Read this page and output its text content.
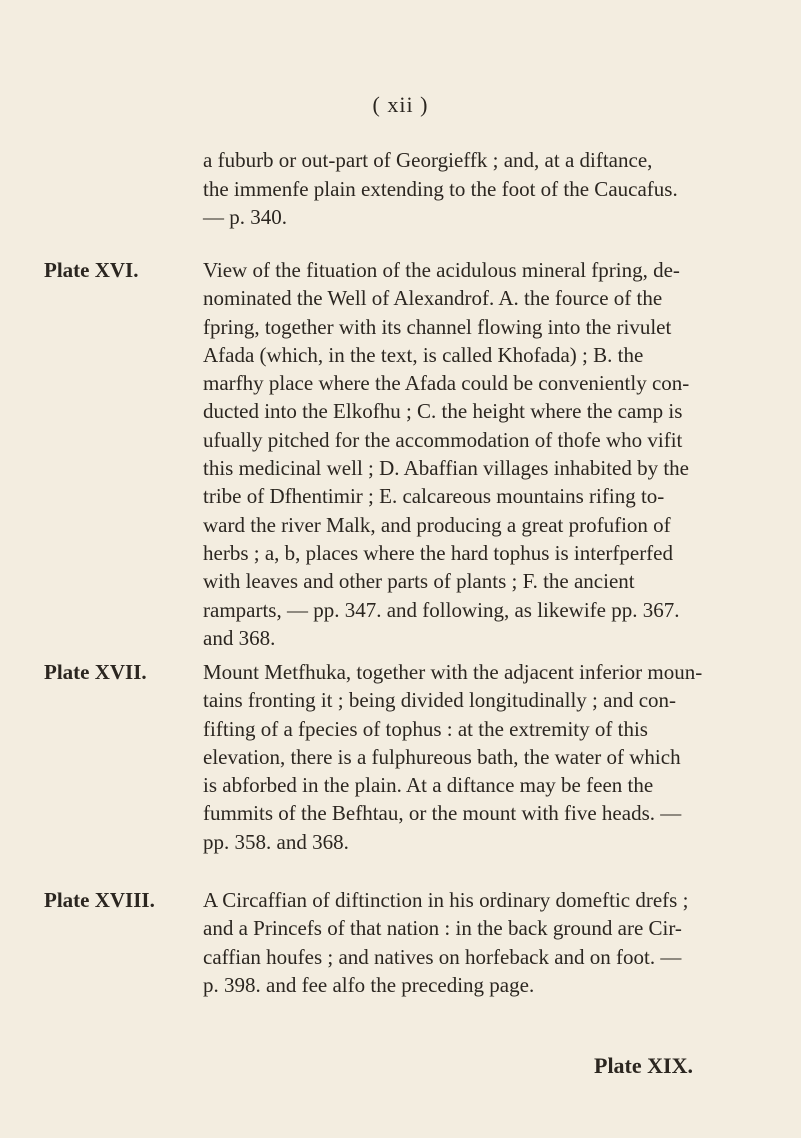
( xii )
a fuburb or out-part of Georgieffk ; and, at a diftance,
the immenfe plain extending to the foot of the Caucafus.
— p. 340.
Plate XVI.	View of the fituation of the acidulous mineral fpring, de-
nominated the Well of Alexandrof. A. the fource of the
fpring, together with its channel flowing into the rivulet
Afada (which, in the text, is called Khofada) ; B. the
marfhy place where the Afada could be conveniently con-
ducted into the Elkofhu ; C. the height where the camp is
ufually pitched for the accommodation of thofe who vifit
this medicinal well ; D. Abaffian villages inhabited by the
tribe of Dfhentimir ; E. calcareous mountains rifing to-
ward the river Malk, and producing a great profufion of
herbs ; a, b, places where the hard tophus is interfperfed
with leaves and other parts of plants ; F. the ancient
ramparts, — pp. 347. and following, as likewife pp. 367.
and 368.
Plate XVII.	Mount Metfhuka, together with the adjacent inferior moun-
tains fronting it ; being divided longitudinally ; and con-
fifting of a fpecies of tophus : at the extremity of this
elevation, there is a fulphureous bath, the water of which
is abforbed in the plain. At a diftance may be feen the
fummits of the Befhtau, or the mount with five heads. —
pp. 358. and 368.
Plate XVIII. A Circaffian of diftinction in his ordinary domeftic drefs ;
and a Princefs of that nation : in the back ground are Cir-
caffian houfes ; and natives on horfeback and on foot. —
p. 398. and fee alfo the preceding page.
Plate XIX.
